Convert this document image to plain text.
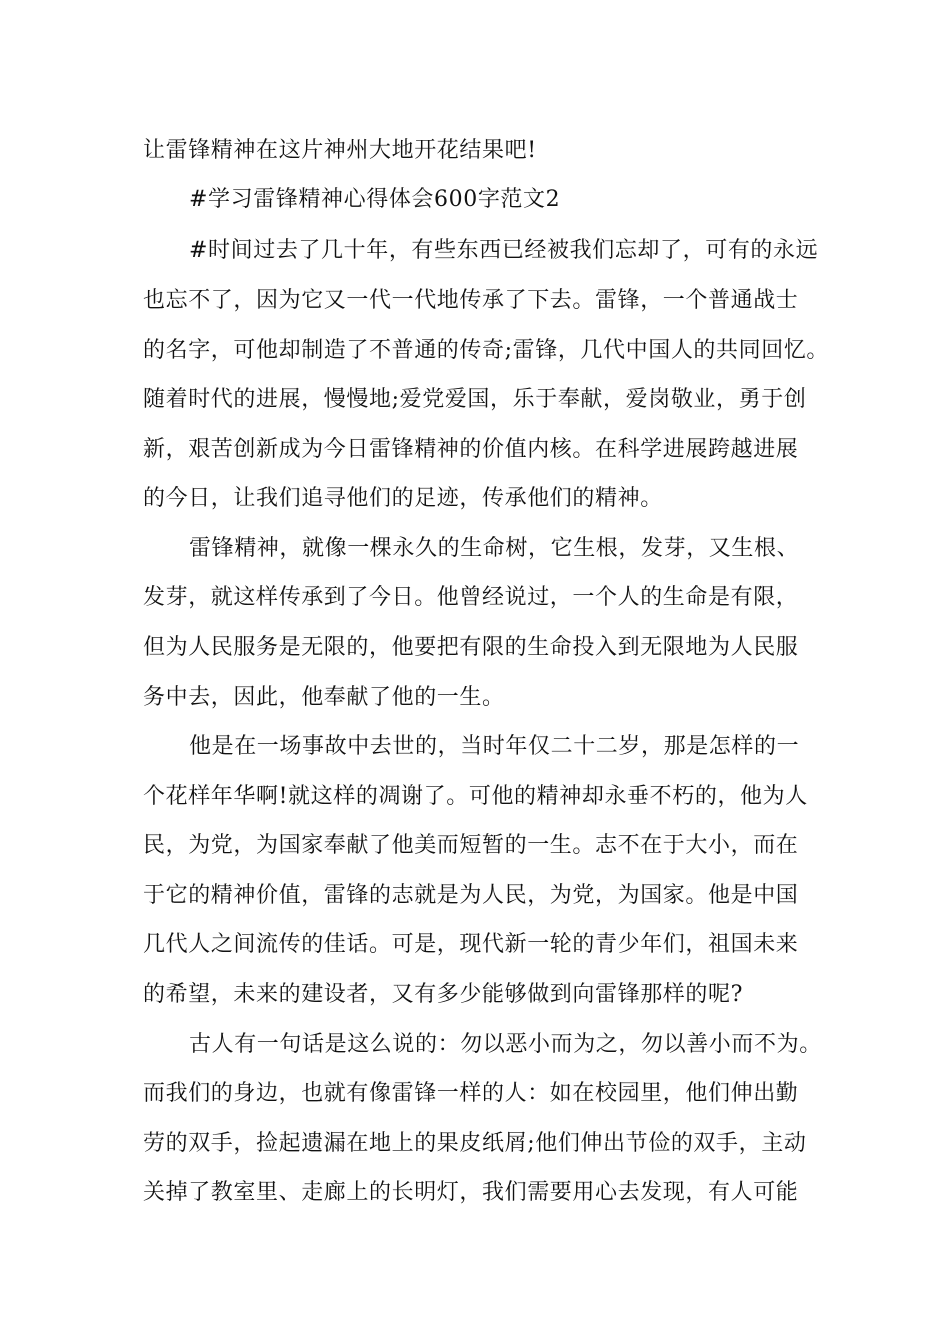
让雷锋精神在这片神州大地开花结果吧!
#学习雷锋精神心得体会600字范文2
#时间过去了几十年，有些东西已经被我们忘却了，可有的永远
也忘不了，因为它又一代一代地传承了下去。雷锋，一个普通战士
的名字，可他却制造了不普通的传奇;雷锋，几代中国人的共同回忆。
随着时代的进展，慢慢地;爱党爱国，乐于奉献，爱岗敬业，勇于创
新，艰苦创新成为今日雷锋精神的价值内核。在科学进展跨越进展
的今日，让我们追寻他们的足迹，传承他们的精神。
雷锋精神，就像一棵永久的生命树，它生根，发芽，又生根、
发芽，就这样传承到了今日。他曾经说过，一个人的生命是有限，
但为人民服务是无限的，他要把有限的生命投入到无限地为人民服
务中去，因此，他奉献了他的一生。
他是在一场事故中去世的，当时年仅二十二岁，那是怎样的一
个花样年华啊!就这样的凋谢了。可他的精神却永垂不朽的，他为人
民，为党，为国家奉献了他美而短暂的一生。志不在于大小，而在
于它的精神价值，雷锋的志就是为人民，为党，为国家。他是中国
几代人之间流传的佳话。可是，现代新一轮的青少年们，祖国未来
的希望，未来的建设者，又有多少能够做到向雷锋那样的呢?
古人有一句话是这么说的：勿以恶小而为之，勿以善小而不为。
而我们的身边，也就有像雷锋一样的人：如在校园里，他们伸出勤
劳的双手，捡起遗漏在地上的果皮纸屑;他们伸出节俭的双手，主动
关掉了教室里、走廊上的长明灯，我们需要用心去发现，有人可能
